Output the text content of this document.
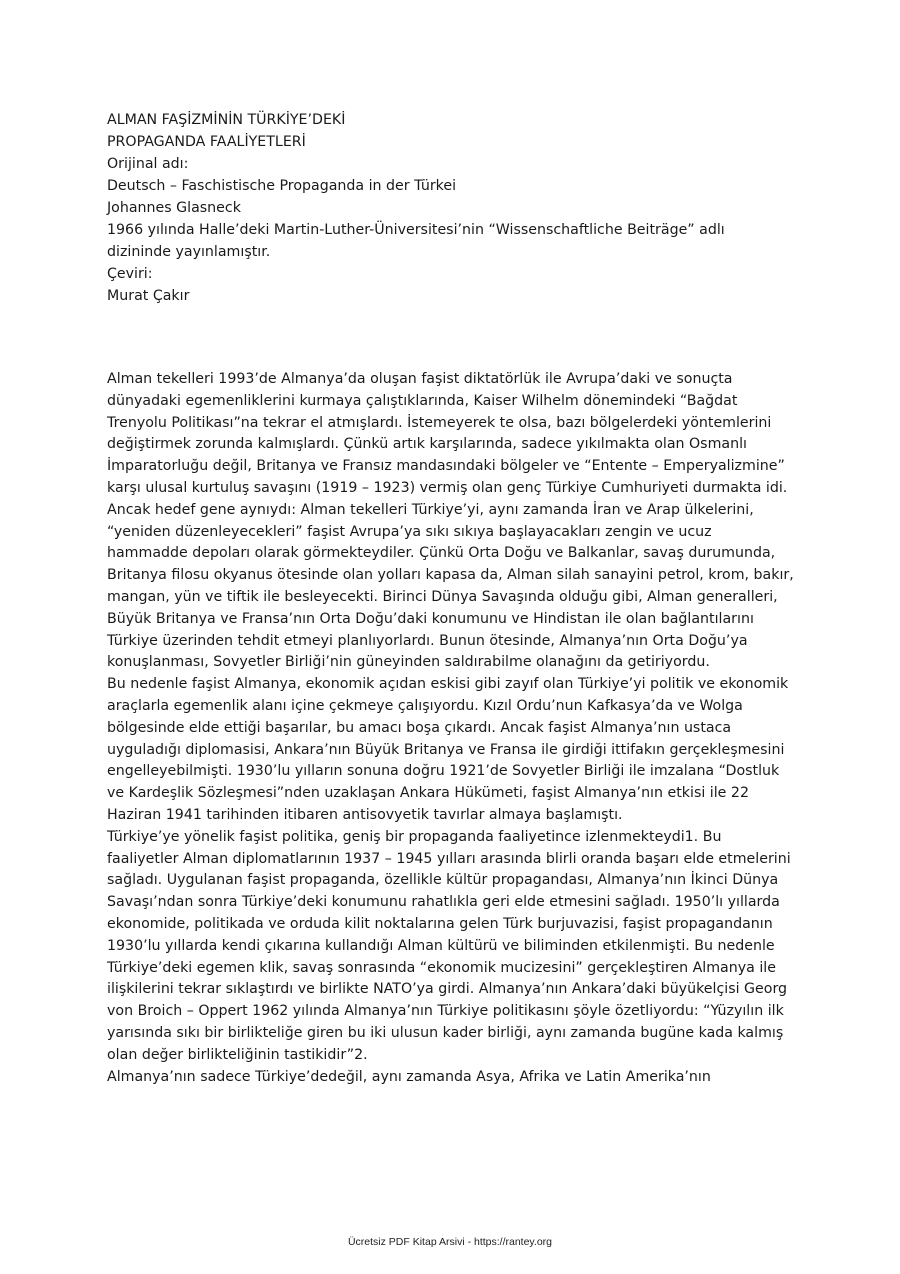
ALMAN FAŞİZMİNİN TÜRKİYE’DEKİ
PROPAGANDA FAALİYETLERİ
Orijinal adı:
Deutsch – Faschistische Propaganda in der Türkei
Johannes Glasneck
1966 yılında Halle’deki Martin-Luther-Üniversitesi’nin “Wissenschaftliche Beiträge” adlı
dizininde yayınlamıştır.
Çeviri:
Murat Çakır

Alman tekelleri 1993’de Almanya’da oluşan faşist diktatörlük ile Avrupa’daki ve sonuçta dünyadaki egemenliklerini kurmaya çalıştıklarında, Kaiser Wilhelm dönemindeki “Bağdat Trenyolu Politikası”na tekrar el atmışlardı. İstemeyerek te olsa, bazı bölgelerdeki yöntemlerini değiştirmek zorunda kalmışlardı. Çünkü artık karşılarında, sadece yıkılmakta olan Osmanlı İmparatorluğu değil, Britanya ve Fransız mandasındaki bölgeler ve “Entente – Emperyalizmine” karşı ulusal kurtuluş savaşını (1919 – 1923) vermiş olan genç Türkiye Cumhuriyeti durmakta idi. Ancak hedef gene aynıydı: Alman tekelleri Türkiye’yi, aynı zamanda İran ve Arap ülkelerini, “yeniden düzenleyecekleri” faşist Avrupa’ya sıkı sıkıya başlayacakları zengin ve ucuz hammadde depoları olarak görmekteydiler. Çünkü Orta Doğu ve Balkanlar, savaş durumunda, Britanya filosu okyanus ötesinde olan yolları kapasa da, Alman silah sanayini petrol, krom, bakır, mangan, yün ve tiftik ile besleyecekti. Birinci Dünya Savaşında olduğu gibi, Alman generalleri, Büyük Britanya ve Fransa’nın Orta Doğu’daki konumunu ve Hindistan ile olan bağlantılarını Türkiye üzerinden tehdit etmeyi planlıyorlardı. Bunun ötesinde, Almanya’nın Orta Doğu’ya konuşlanması, Sovyetler Birliği’nin güneyinden saldırabilme olanağını da getiriyordu.

Bu nedenle faşist Almanya, ekonomik açıdan eskisi gibi zayıf olan Türkiye’yi politik ve ekonomik araçlarla egemenlik alanı içine çekmeye çalışıyordu. Kızıl Ordu’nun Kafkasya’da ve Wolga bölgesinde elde ettiği başarılar, bu amacı boşa çıkardı. Ancak faşist Almanya’nın ustaca uyguladığı diplomasisi, Ankara’nın Büyük Britanya ve Fransa ile girdiği ittifakın gerçekleşmesini engelleyebilmişti. 1930’lu yılların sonuna doğru 1921’de Sovyetler Birliği ile imzalana “Dostluk ve Kardeşlik Sözleşmesi”nden uzaklaşan Ankara Hükümeti, faşist Almanya’nın etkisi ile 22 Haziran 1941 tarihinden itibaren antisovyetik tavırlar almaya başlamıştı.

Türkiye’ye yönelik faşist politika, geniş bir propaganda faaliyetince izlenmekteydi1. Bu faaliyetler Alman diplomatlarının 1937 – 1945 yılları arasında blirli oranda başarı elde etmelerini sağladı. Uygulanan faşist propaganda, özellikle kültür propagandası, Almanya’nın İkinci Dünya Savaşı’ndan sonra Türkiye’deki konumunu rahatlıkla geri elde etmesini sağladı. 1950’lı yıllarda ekonomide, politikada ve orduda kilit noktalarına gelen Türk burjuvazisi, faşist propagandanın 1930’lu yıllarda kendi çıkarına kullandığı Alman kültürü ve biliminden etkilenmişti. Bu nedenle Türkiye’deki egemen klik, savaş sonrasında “ekonomik mucizesini” gerçekleştiren Almanya ile ilişkilerini tekrar sıklaştırdı ve birlikte NATO’ya girdi. Almanya’nın Ankara’daki büyükelçisi Georg von Broich – Oppert 1962 yılında Almanya’nın Türkiye politikasını şöyle özetliyordu: “Yüzyılın ilk yarısında sıkı bir birlikteliğe giren bu iki ulusun kader birliği, aynı zamanda bugüne kada kalmış olan değer birlikteliğinin tastikidir”2.

Almanya’nın sadece Türkiye’dedeğil, aynı zamanda Asya, Afrika ve Latin Amerika’nın

Ücretsiz PDF Kitap Arsivi - https://rantey.org
